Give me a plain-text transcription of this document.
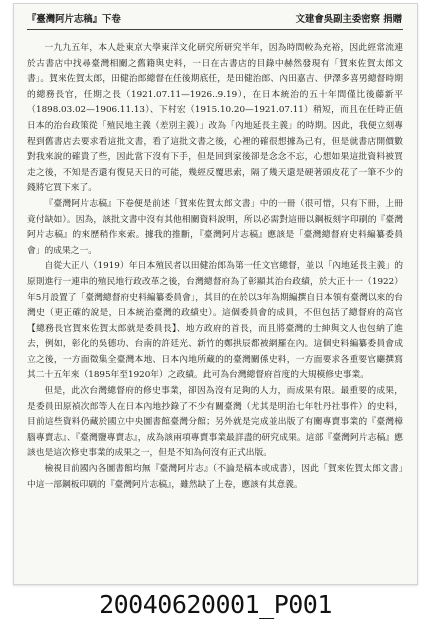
『臺灣阿片志稿』下卷	文建會吳副主委密察 捐贈

一九九五年，本人赴東京大學東洋文化研究所研究半年，因為時間較為充裕，因此經常流連於古書店中找尋臺灣相關之舊籍與史料，一日在古書店的目錄中赫然發現有「賀來佐賀太郎文書」。賀來佐賀太郎，田健治郎總督在任後期底任，是田健治郎、內田嘉吉、伊澤多喜男總督時期的總務長官，任期之長（1921.07.11—1926..9.19），在日本統治的五十年間僅比後藤新平（1898.03.02—1906.11.13）、下村宏（1915.10.20—1921.07.11）稍短，而且在任時正值日本的治台政策從「殖民地主義（差別主義）」改為「內地延長主義」的時期。因此，我便立刻專程到舊書店去要求看這批文書，看了這批文書之後，心裡的確很想據為己有，但是就書店開價數對我來說的確貴了些，因此當下沒有下手，但是回到家後卻是念念不忘，心想如果這批資料被買走之後，不知是否還有復見天日的可能，幾經反覆思索，隔了幾天還是硬著頭皮花了一筆不少的錢將它買下來了。

『臺灣阿片志稿』下卷便是前述「賀來佐賀太郎文書」中的一冊（很可惜，只有下冊，上冊竟付缺如）。因為，該批文書中沒有其他相關資料說明，所以必需對這冊以鋼板刻字印刷的『臺灣阿片志稿』的來歷稍作來索。據我的推斷，『臺灣阿片志稿』應該是「臺灣總督府史料編纂委員會」的成果之一。

自從大正八（1919）年日本殖民者以田健治郎為第一任文官總督，並以「內地延長主義」的原則進行一連串的殖民地行政改革之後，台灣總督府為了彰顯其治台政績，於大正十一（1922）年5月設置了「臺灣總督府史料編纂委員會」，其目的在於以3年為期編撰自日本領有臺灣以來的台灣史（更正確的說是，日本統治臺灣的政績史）。這個委員會的成員，不但包括了總督府的高官【總務長官賀來佐賀太郎就是委員長】、地方政府的首長，而且將臺灣的士紳與文人也包納了進去，例如，彰化的吳德功、台南的許廷光、新竹的鄭拱辰都被網羅在內。這個史料編纂委員會成立之後，一方面徵集全臺灣本地、日本內地所藏的的臺灣關係史料，一方面要求各重要官廳撰寫其二十五年來（1895年至1920年）之政績。此可為台灣總督府首度的大規模修史事業。

但是，此次台灣總督府的修史事業，卻因為沒有足夠的人力，而成果有限。最重要的成果，是委員田原禎次郎等人在日本內地抄錄了不少有關臺灣（尤其是明治七年牡丹社事件）的史料，目前這些資料仍藏於國立中央圖書館臺灣分館；另外就是完成並出版了有關專賣事業的『臺灣樟腦專賣志』、『臺灣鹽專賣志』，成為該兩項專賣事業最詳盡的研究成果。這部『臺灣阿片志稿』應該也是這次修史事業的成果之一，但是不知為何沒有正式出版。

檢視目前國內各圖書館均無『臺灣阿片志』（不論是稿本或成書），因此「賀來佐賀太郎文書」中這一部鋼板印刷的『臺灣阿片志稿』，雖然缺了上卷，應該有其意義。

20040620001_P001
